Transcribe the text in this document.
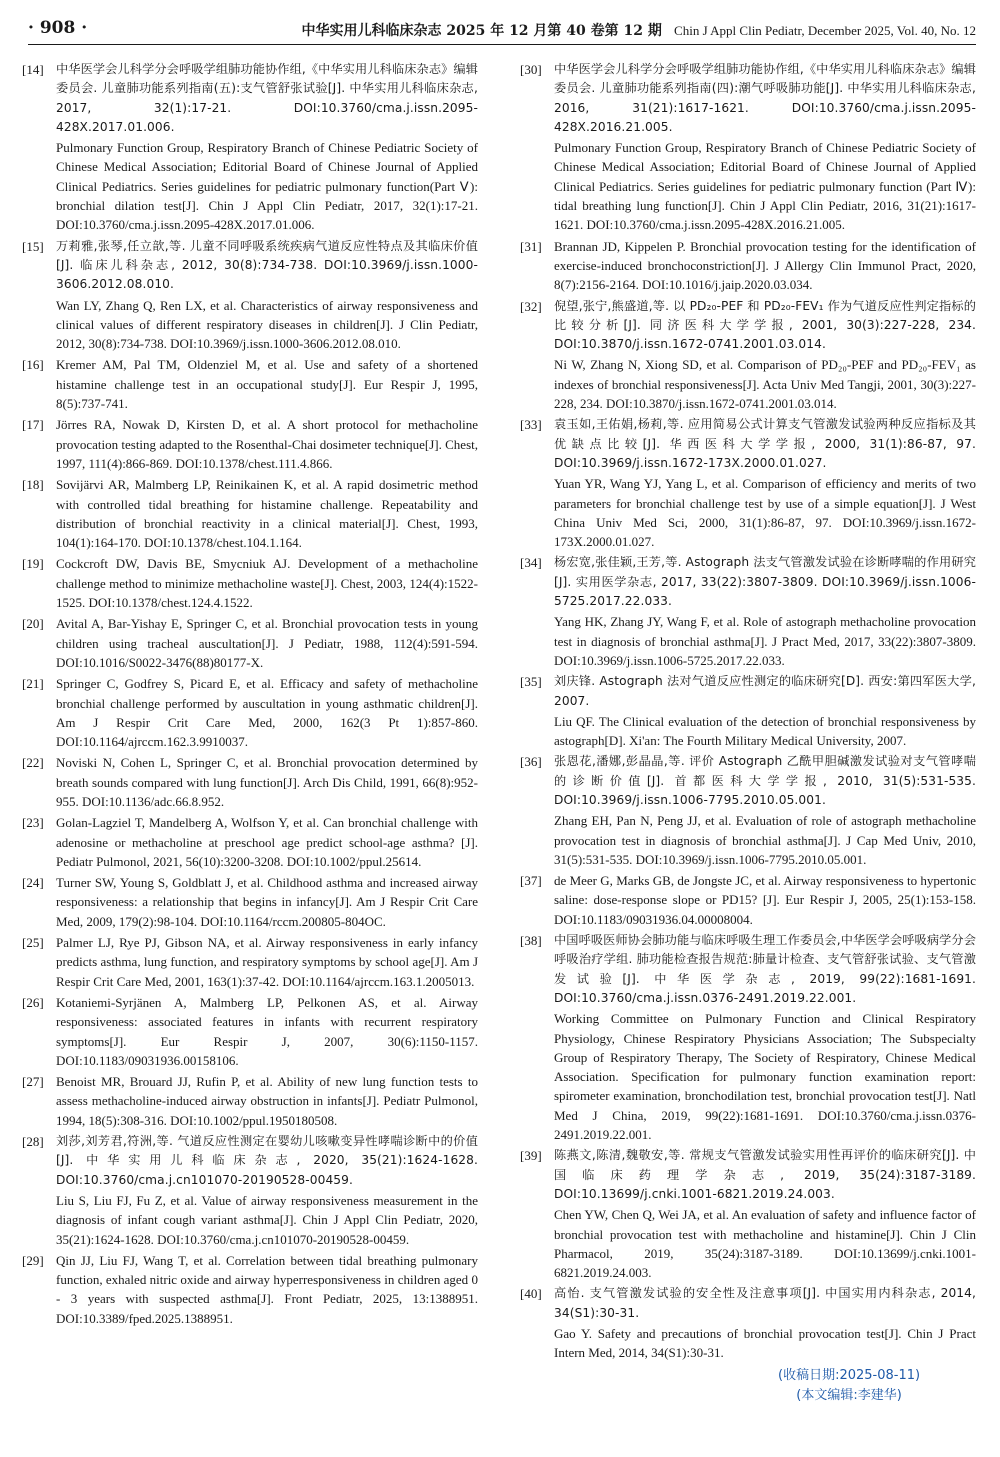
· 908 ·	中华实用儿科临床杂志 2025 年 12 月第 40 卷第 12 期 Chin J Appl Clin Pediatr, December 2025, Vol. 40, No. 12
[14] 中华医学会儿科学分会呼吸学组肺功能协作组,《中华实用儿科临床杂志》编辑委员会. 儿童肺功能系列指南(五):支气管舒张试验[J]. 中华实用儿科临床杂志, 2017, 32(1):17-21. DOI:10.3760/cma.j.issn.2095-428X.2017.01.006.
Pulmonary Function Group, Respiratory Branch of Chinese Pediatric Society of Chinese Medical Association; Editorial Board of Chinese Journal of Applied Clinical Pediatrics. Series guidelines for pediatric pulmonary function(Part Ⅴ): bronchial dilation test[J]. Chin J Appl Clin Pediatr, 2017, 32(1):17-21. DOI:10.3760/cma.j.issn.2095-428X.2017.01.006.
[15] 万莉雅,张琴,任立歆,等. 儿童不同呼吸系统疾病气道反应性特点及其临床价值[J]. 临床儿科杂志, 2012, 30(8):734-738. DOI:10.3969/j.issn.1000-3606.2012.08.010.
Wan LY, Zhang Q, Ren LX, et al. Characteristics of airway responsiveness and clinical values of different respiratory diseases in children[J]. J Clin Pediatr, 2012, 30(8):734-738. DOI:10.3969/j.issn.1000-3606.2012.08.010.
[16] Kremer AM, Pal TM, Oldenziel M, et al. Use and safety of a shortened histamine challenge test in an occupational study[J]. Eur Respir J, 1995, 8(5):737-741.
[17] Jörres RA, Nowak D, Kirsten D, et al. A short protocol for methacholine provocation testing adapted to the Rosenthal-Chai dosimeter technique[J]. Chest, 1997, 111(4):866-869. DOI:10.1378/chest.111.4.866.
[18] Sovijärvi AR, Malmberg LP, Reinikainen K, et al. A rapid dosimetric method with controlled tidal breathing for histamine challenge. Repeatability and distribution of bronchial reactivity in a clinical material[J]. Chest, 1993, 104(1):164-170. DOI:10.1378/chest.104.1.164.
[19] Cockcroft DW, Davis BE, Smycniuk AJ. Development of a methacholine challenge method to minimize methacholine waste[J]. Chest, 2003, 124(4):1522-1525. DOI:10.1378/chest.124.4.1522.
[20] Avital A, Bar-Yishay E, Springer C, et al. Bronchial provocation tests in young children using tracheal auscultation[J]. J Pediatr, 1988, 112(4):591-594. DOI:10.1016/S0022-3476(88)80177-X.
[21] Springer C, Godfrey S, Picard E, et al. Efficacy and safety of methacholine bronchial challenge performed by auscultation in young asthmatic children[J]. Am J Respir Crit Care Med, 2000, 162(3 Pt 1):857-860. DOI:10.1164/ajrccm.162.3.9910037.
[22] Noviski N, Cohen L, Springer C, et al. Bronchial provocation determined by breath sounds compared with lung function[J]. Arch Dis Child, 1991, 66(8):952-955. DOI:10.1136/adc.66.8.952.
[23] Golan-Lagziel T, Mandelberg A, Wolfson Y, et al. Can bronchial challenge with adenosine or methacholine at preschool age predict school-age asthma? [J]. Pediatr Pulmonol, 2021, 56(10):3200-3208. DOI:10.1002/ppul.25614.
[24] Turner SW, Young S, Goldblatt J, et al. Childhood asthma and increased airway responsiveness: a relationship that begins in infancy[J]. Am J Respir Crit Care Med, 2009, 179(2):98-104. DOI:10.1164/rccm.200805-804OC.
[25] Palmer LJ, Rye PJ, Gibson NA, et al. Airway responsiveness in early infancy predicts asthma, lung function, and respiratory symptoms by school age[J]. Am J Respir Crit Care Med, 2001, 163(1):37-42. DOI:10.1164/ajrccm.163.1.2005013.
[26] Kotaniemi-Syrjänen A, Malmberg LP, Pelkonen AS, et al. Airway responsiveness: associated features in infants with recurrent respiratory symptoms[J]. Eur Respir J, 2007, 30(6):1150-1157. DOI:10.1183/09031936.00158106.
[27] Benoist MR, Brouard JJ, Rufin P, et al. Ability of new lung function tests to assess methacholine-induced airway obstruction in infants[J]. Pediatr Pulmonol, 1994, 18(5):308-316. DOI:10.1002/ppul.1950180508.
[28] 刘莎,刘芳君,符洲,等. 气道反应性测定在婴幼儿咳嗽变异性哮喘诊断中的价值[J]. 中华实用儿科临床杂志, 2020, 35(21):1624-1628. DOI:10.3760/cma.j.cn101070-20190528-00459.
Liu S, Liu FJ, Fu Z, et al. Value of airway responsiveness measurement in the diagnosis of infant cough variant asthma[J]. Chin J Appl Clin Pediatr, 2020, 35(21):1624-1628. DOI:10.3760/cma.j.cn101070-20190528-00459.
[29] Qin JJ, Liu FJ, Wang T, et al. Correlation between tidal breathing pulmonary function, exhaled nitric oxide and airway hyperresponsiveness in children aged 0 - 3 years with suspected asthma[J]. Front Pediatr, 2025, 13:1388951. DOI:10.3389/fped.2025.1388951.
[30] 中华医学会儿科学分会呼吸学组肺功能协作组,《中华实用儿科临床杂志》编辑委员会. 儿童肺功能系列指南(四):潮气呼吸肺功能[J]. 中华实用儿科临床杂志, 2016, 31(21):1617-1621. DOI:10.3760/cma.j.issn.2095-428X.2016.21.005.
Pulmonary Function Group, Respiratory Branch of Chinese Pediatric Society of Chinese Medical Association; Editorial Board of Chinese Journal of Applied Clinical Pediatrics. Series guidelines for pediatric pulmonary function (Part Ⅳ): tidal breathing lung function[J]. Chin J Appl Clin Pediatr, 2016, 31(21):1617-1621. DOI:10.3760/cma.j.issn.2095-428X.2016.21.005.
[31] Brannan JD, Kippelen P. Bronchial provocation testing for the identification of exercise-induced bronchoconstriction[J]. J Allergy Clin Immunol Pract, 2020, 8(7):2156-2164. DOI:10.1016/j.jaip.2020.03.034.
[32] 倪望,张宁,熊盛道,等. 以 PD₂₀-PEF 和 PD₂₀-FEV₁ 作为气道反应性判定指标的比较分析[J]. 同济医科大学学报, 2001, 30(3):227-228, 234. DOI:10.3870/j.issn.1672-0741.2001.03.014.
Ni W, Zhang N, Xiong SD, et al. Comparison of PD₂₀-PEF and PD₂₀-FEV₁ as indexes of bronchial responsiveness[J]. Acta Univ Med Tangji, 2001, 30(3):227-228, 234. DOI:10.3870/j.issn.1672-0741.2001.03.014.
[33] 袁玉如,王佑娟,杨莉,等. 应用简易公式计算支气管激发试验两种反应指标及其优缺点比较[J]. 华西医科大学学报, 2000, 31(1):86-87, 97. DOI:10.3969/j.issn.1672-173X.2000.01.027.
Yuan YR, Wang YJ, Yang L, et al. Comparison of efficiency and merits of two parameters for bronchial challenge test by use of a simple equation[J]. J West China Univ Med Sci, 2000, 31(1):86-87, 97. DOI:10.3969/j.issn.1672-173X.2000.01.027.
[34] 杨宏宽,张佳颖,王芳,等. Astograph 法支气管激发试验在诊断哮喘的作用研究[J]. 实用医学杂志, 2017, 33(22):3807-3809. DOI:10.3969/j.issn.1006-5725.2017.22.033.
Yang HK, Zhang JY, Wang F, et al. Role of astograph methacholine provocation test in diagnosis of bronchial asthma[J]. J Pract Med, 2017, 33(22):3807-3809. DOI:10.3969/j.issn.1006-5725.2017.22.033.
[35] 刘庆锋. Astograph 法对气道反应性测定的临床研究[D]. 西安:第四军医大学, 2007.
Liu QF. The Clinical evaluation of the detection of bronchial responsiveness by astograph[D]. Xi'an: The Fourth Military Medical University, 2007.
[36] 张恩花,潘娜,彭晶晶,等. 评价 Astograph 乙酰甲胆碱激发试验对支气管哮喘的诊断价值[J]. 首都医科大学学报, 2010, 31(5):531-535. DOI:10.3969/j.issn.1006-7795.2010.05.001.
Zhang EH, Pan N, Peng JJ, et al. Evaluation of role of astograph methacholine provocation test in diagnosis of bronchial asthma[J]. J Cap Med Univ, 2010, 31(5):531-535. DOI:10.3969/j.issn.1006-7795.2010.05.001.
[37] de Meer G, Marks GB, de Jongste JC, et al. Airway responsiveness to hypertonic saline: dose-response slope or PD15? [J]. Eur Respir J, 2005, 25(1):153-158. DOI:10.1183/09031936.04.00008004.
[38] 中国呼吸医师协会肺功能与临床呼吸生理工作委员会,中华医学会呼吸病学分会呼吸治疗学组. 肺功能检查报告规范:肺量计检查、支气管舒张试验、支气管激发试验[J]. 中华医学杂志, 2019, 99(22):1681-1691. DOI:10.3760/cma.j.issn.0376-2491.2019.22.001.
Working Committee on Pulmonary Function and Clinical Respiratory Physiology, Chinese Respiratory Physicians Association; The Subspecialty Group of Respiratory Therapy, The Society of Respiratory, Chinese Medical Association. Specification for pulmonary function examination report: spirometer examination, bronchodilation test, bronchial provocation test[J]. Natl Med J China, 2019, 99(22):1681-1691. DOI:10.3760/cma.j.issn.0376-2491.2019.22.001.
[39] 陈燕文,陈清,魏敬安,等. 常规支气管激发试验实用性再评价的临床研究[J]. 中国临床药理学杂志, 2019, 35(24):3187-3189. DOI:10.13699/j.cnki.1001-6821.2019.24.003.
Chen YW, Chen Q, Wei JA, et al. An evaluation of safety and influence factor of bronchial provocation test with methacholine and histamine[J]. Chin J Clin Pharmacol, 2019, 35(24):3187-3189. DOI:10.13699/j.cnki.1001-6821.2019.24.003.
[40] 高怡. 支气管激发试验的安全性及注意事项[J]. 中国实用内科杂志, 2014, 34(S1):30-31.
Gao Y. Safety and precautions of bronchial provocation test[J]. Chin J Pract Intern Med, 2014, 34(S1):30-31.
(收稿日期:2025-08-11)
(本文编辑:李建华)
